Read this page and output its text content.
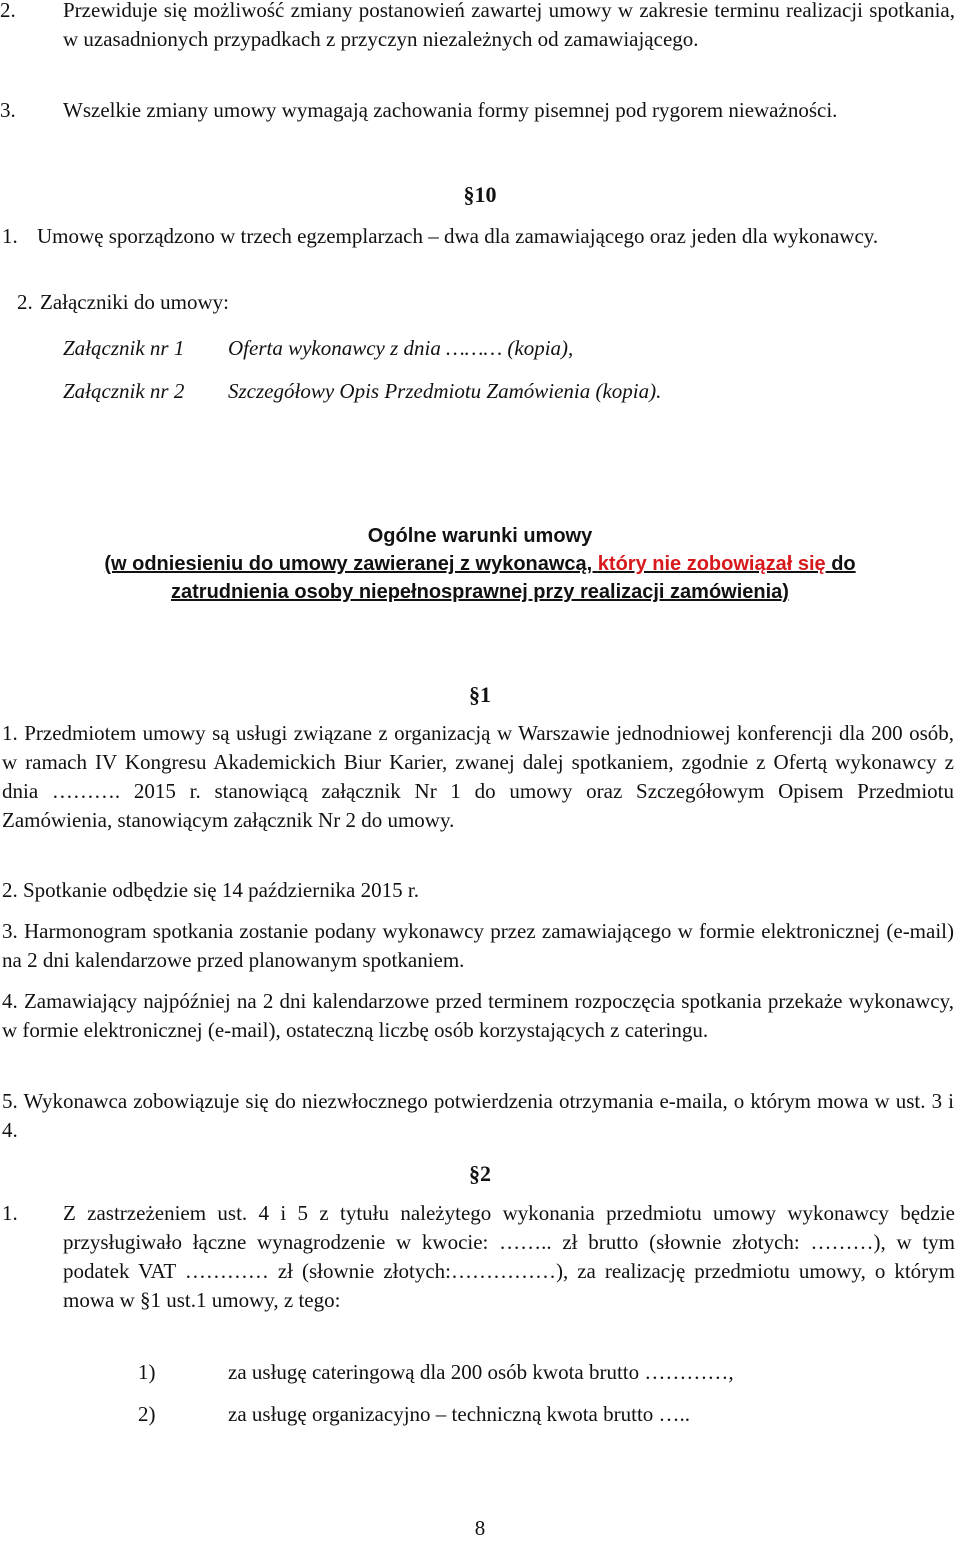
2. Przewiduje się możliwość zmiany postanowień zawartej umowy w zakresie terminu realizacji spotkania, w uzasadnionych przypadkach z przyczyn niezależnych od zamawiającego.
3. Wszelkie zmiany umowy wymagają zachowania formy pisemnej pod rygorem nieważności.
§10
1. Umowę sporządzono w trzech egzemplarzach – dwa dla zamawiającego oraz jeden dla wykonawcy.
2. Załączniki do umowy:
Załącznik nr 1 Oferta wykonawcy z dnia ……… (kopia),
Załącznik nr 2 Szczegółowy Opis Przedmiotu Zamówienia (kopia).
Ogólne warunki umowy
(w odniesieniu do umowy zawieranej z wykonawcą, który nie zobowiązał się do
zatrudnienia osoby niepełnosprawnej przy realizacji zamówienia)
§1
1. Przedmiotem umowy są usługi związane z organizacją w Warszawie jednodniowej konferencji dla 200 osób, w ramach IV Kongresu Akademickich Biur Karier, zwanej dalej spotkaniem, zgodnie z Ofertą wykonawcy z dnia ………. 2015 r. stanowiącą załącznik Nr 1 do umowy oraz Szczegółowym Opisem Przedmiotu Zamówienia, stanowiącym załącznik Nr 2 do umowy.
2. Spotkanie odbędzie się 14 października 2015 r.
3. Harmonogram spotkania zostanie podany wykonawcy przez zamawiającego w formie elektronicznej (e-mail) na 2 dni kalendarzowe przed planowanym spotkaniem.
4. Zamawiający najpóźniej na 2 dni kalendarzowe przed terminem rozpoczęcia spotkania przekaże wykonawcy, w formie elektronicznej (e-mail), ostateczną liczbę osób korzystających z cateringu.
5. Wykonawca zobowiązuje się do niezwłocznego potwierdzenia otrzymania e-maila, o którym mowa w ust. 3 i 4.
§2
1. Z zastrzeżeniem ust. 4 i 5 z tytułu należytego wykonania przedmiotu umowy wykonawcy będzie przysługiwało łączne wynagrodzenie w kwocie: …….. zł brutto (słownie złotych: ………), w tym podatek VAT ………… zł (słownie złotych:……………), za realizację przedmiotu umowy, o którym mowa w §1 ust.1 umowy, z tego:
1)	za usługę cateringową dla 200 osób kwota brutto …………,
2)	za usługę organizacyjno – techniczną kwota brutto …..
8
